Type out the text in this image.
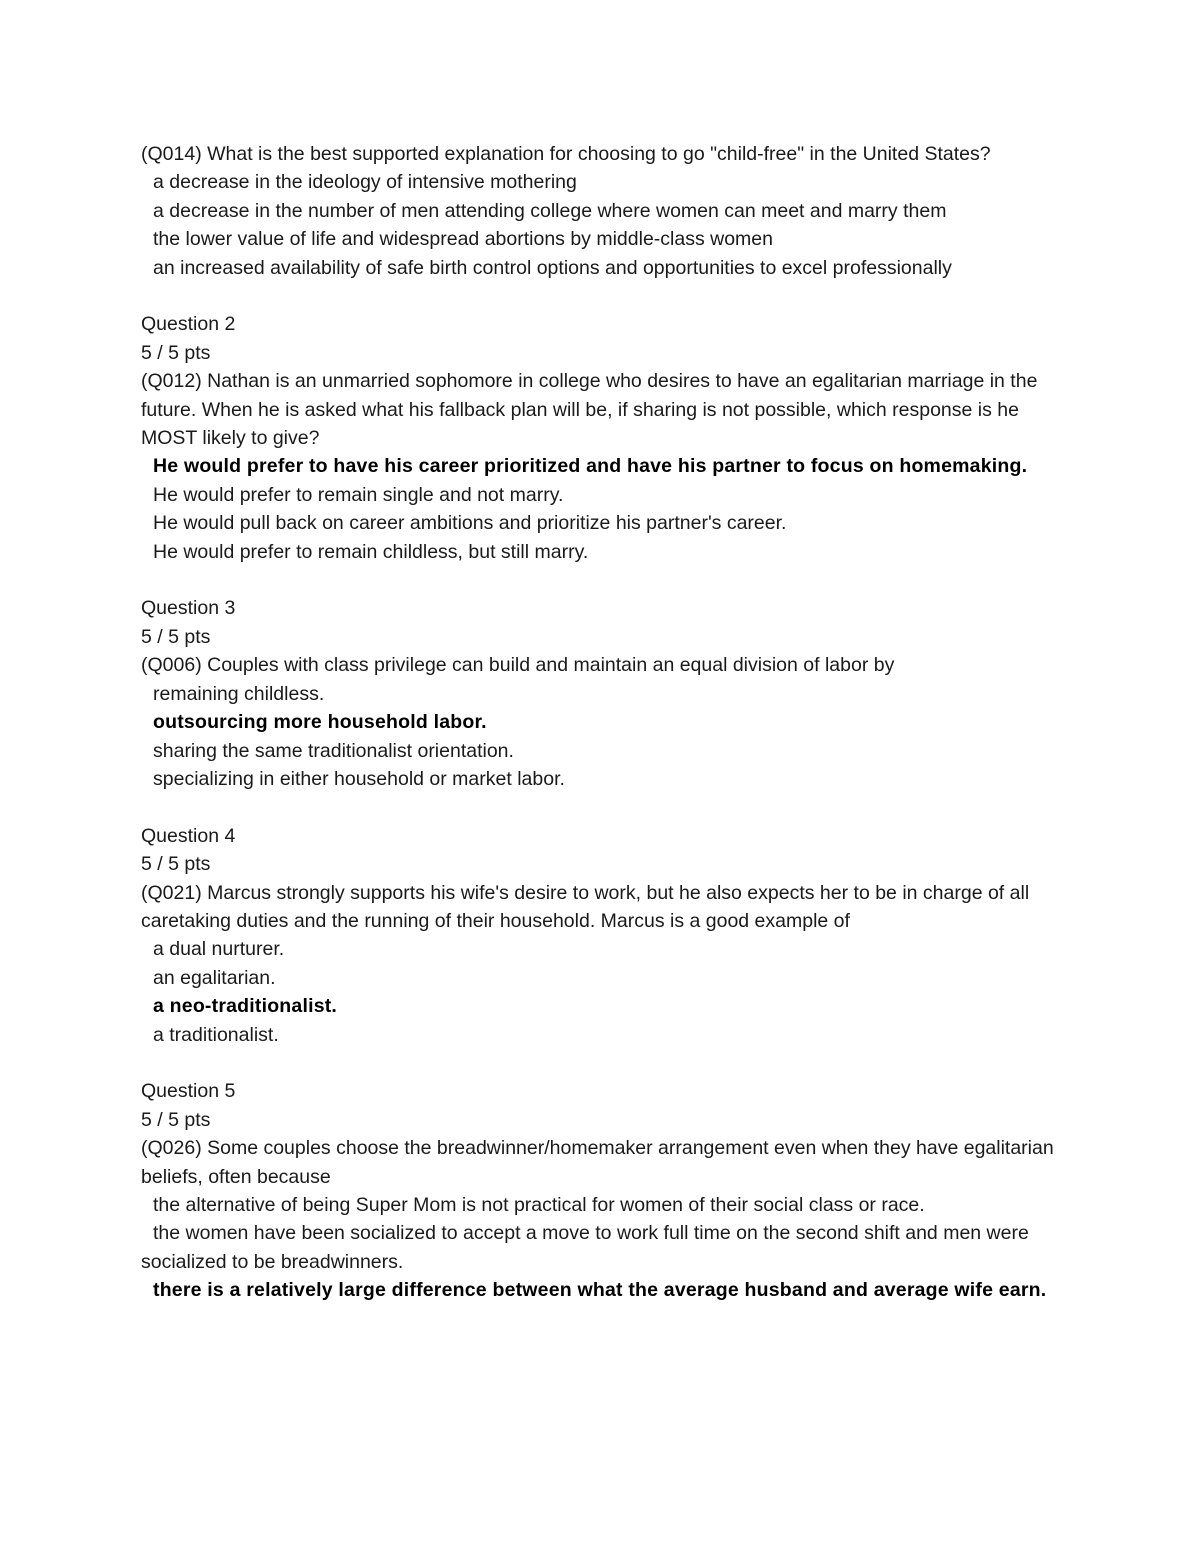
(Q014) What is the best supported explanation for choosing to go "child-free" in the United States?

a decrease in the ideology of intensive mothering

a decrease in the number of men attending college where women can meet and marry them

the lower value of life and widespread abortions by middle-class women

an increased availability of safe birth control options and opportunities to excel professionally

Question 2

5 / 5 pts

(Q012) Nathan is an unmarried sophomore in college who desires to have an egalitarian marriage in the future. When he is asked what his fallback plan will be, if sharing is not possible, which response is he MOST likely to give?

He would prefer to have his career prioritized and have his partner to focus on homemaking.

He would prefer to remain single and not marry.

He would pull back on career ambitions and prioritize his partner's career.

He would prefer to remain childless, but still marry.

Question 3

5 / 5 pts

(Q006) Couples with class privilege can build and maintain an equal division of labor by

remaining childless.

outsourcing more household labor.

sharing the same traditionalist orientation.

specializing in either household or market labor.

Question 4

5 / 5 pts

(Q021) Marcus strongly supports his wife's desire to work, but he also expects her to be in charge of all caretaking duties and the running of their household. Marcus is a good example of

a dual nurturer.

an egalitarian.

a neo-traditionalist.

a traditionalist.

Question 5

5 / 5 pts

(Q026) Some couples choose the breadwinner/homemaker arrangement even when they have egalitarian beliefs, often because

the alternative of being Super Mom is not practical for women of their social class or race.

the women have been socialized to accept a move to work full time on the second shift and men were socialized to be breadwinners.

there is a relatively large difference between what the average husband and average wife earn.
